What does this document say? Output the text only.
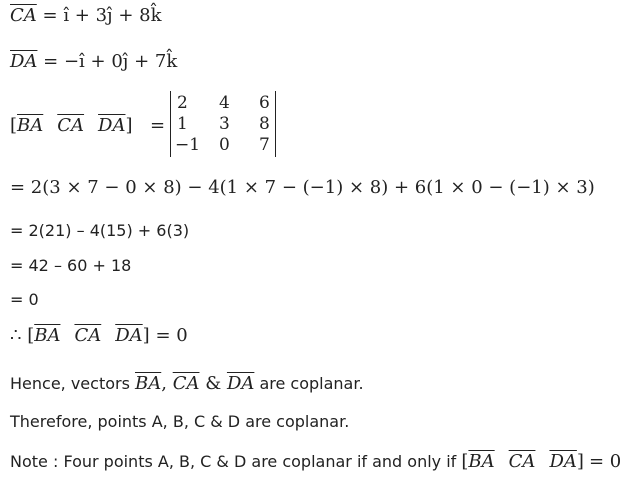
$\overline{CA}$ = î + 3ĵ + 8k̂
$\overline{DA}$ = −î + 0ĵ + 7k̂
[$\overline{BA}$ $\overline{CA}$ $\overline{DA}$] =
2 4 6
1 3 8
−1 0 7
= 2(3 × 7 − 0 × 8) − 4(1 × 7 − (−1) × 8) + 6(1 × 0 − (−1) × 3)
= 2(21) – 4(15) + 6(3)
= 42 – 60 + 18
= 0
∴ [$\overline{BA}$ $\overline{CA}$ $\overline{DA}] = 0$
Hence, vectors $\overline{BA}$, $\overline{CA}$ & $\overline{DA}$ are coplanar.
Therefore, points A, B, C & D are coplanar.
Note : Four points A, B, C & D are coplanar if and only if [$\overline{BA}$ $\overline{CA}$ $\overline{DA}] = 0$
